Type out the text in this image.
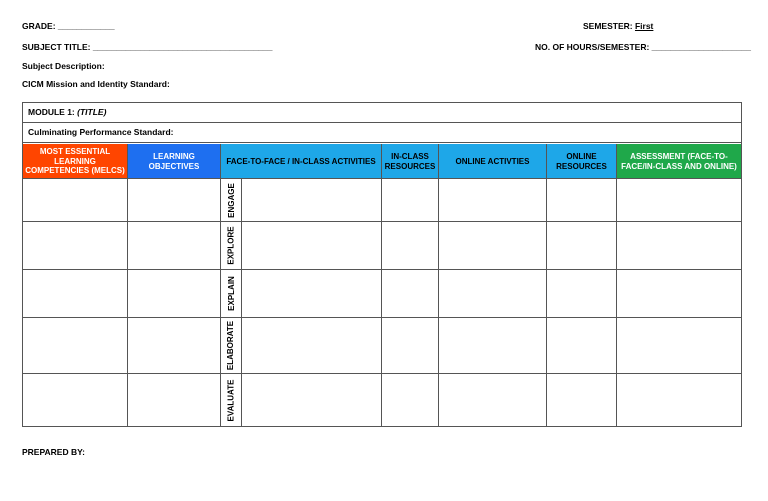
GRADE: ____________	SEMESTER: First
SUBJECT TITLE: ______________________________________	NO. OF HOURS/SEMESTER: _____________________
Subject Description:
CICM Mission and Identity Standard:
MODULE 1: (TITLE)
Culminating Performance Standard:
MOST ESSENTIAL LEARNING COMPETENCIES (MELCS)
LEARNING OBJECTIVES
FACE-TO-FACE / IN-CLASS ACTIVITIES
IN-CLASS RESOURCES
ONLINE ACTIVTIES
ONLINE RESOURCES
ASSESSMENT (FACE-TO-FACE/IN-CLASS AND ONLINE)
ENGAGE
EXPLORE
EXPLAIN
ELABORATE
EVALUATE
PREPARED BY:
